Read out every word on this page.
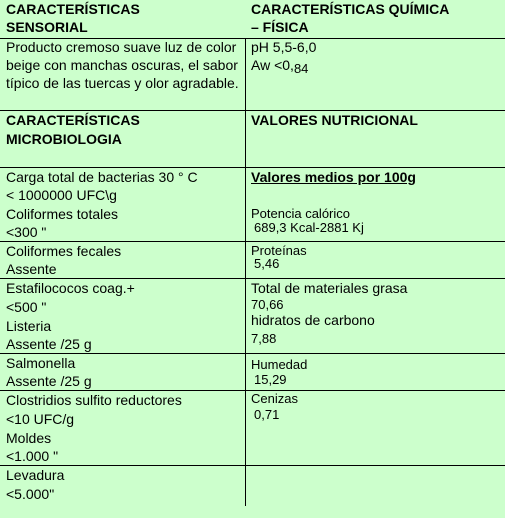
CARACTERÍSTICAS
SENSORIAL
CARACTERÍSTICAS QUÍMICA
– FÍSICA
Producto cremoso suave luz de color beige con manchas oscuras, el sabor típico de las tuercas y olor agradable.
pH 5,5-6,0
Aw <0,84
CARACTERÍSTICAS
MICROBIOLOGIA
VALORES NUTRICIONAL
Carga total de bacterias 30 ° C
< 1000000 UFC\g
Coliformes totales
<300 "
Coliformes fecales
Assente
Estafilococos coag.+
<500 "
Listeria
Assente /25 g
Salmonella
Assente /25 g
Clostridios sulfito reductores
<10 UFC/g
Moldes
<1.000 "
Levadura
<5.000"
Valores medios por 100g
Potencia calórico
689,3 Kcal-2881 Kj
Proteínas
5,46
Total de materiales grasa
70,66
hidratos de carbono
7,88
Humedad
15,29
Cenizas
0,71
